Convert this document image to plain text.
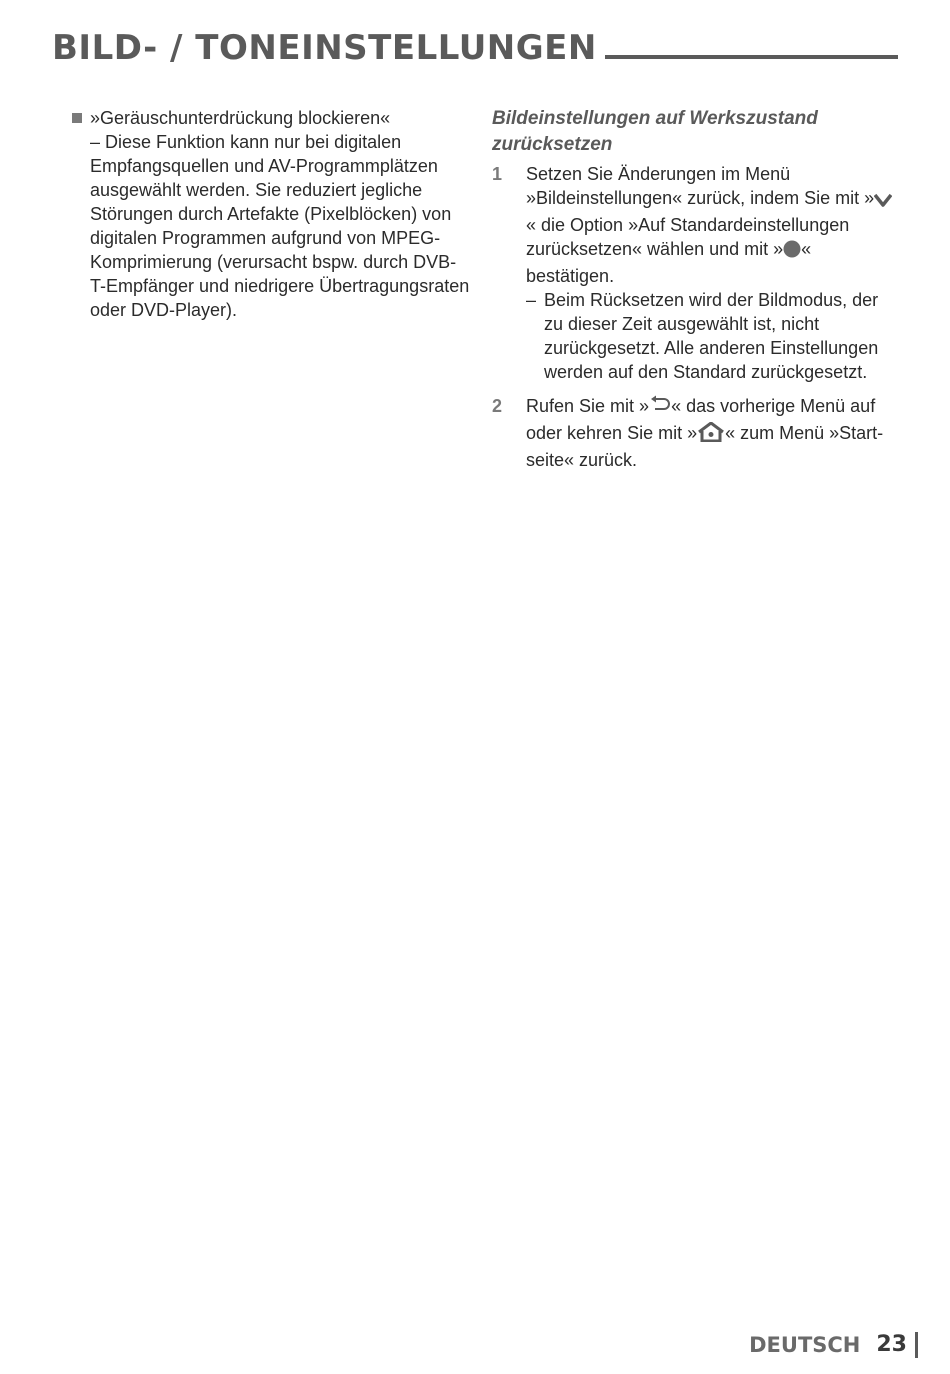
BILD- / TONEINSTELLUNGEN
»Geräuschunterdrückung blockieren«
– Diese Funktion kann nur bei digitalen Empfangsquellen und AV-Programmplätzen ausgewählt werden. Sie reduziert jegliche Störungen durch Artefakte (Pixelblöcken) von digitalen Programmen aufgrund von MPEG-Komprimierung (verursacht bspw. durch DVB-T-Empfänger und niedrigere Übertragungsraten oder DVD-Player).
Bildeinstellungen auf Werkszustand zurücksetzen
1 Setzen Sie Änderungen im Menü »Bildeinstellungen« zurück, indem Sie mit »« die Option »Auf Standardeinstellungen zurücksetzen« wählen und mit » « bestätigen.
– Beim Rücksetzen wird der Bildmodus, der zu dieser Zeit ausgewählt ist, nicht zurückgesetzt. Alle anderen Einstellungen werden auf den Standard zurückgesetzt.
2 Rufen Sie mit » « das vorherige Menü auf oder kehren Sie mit » « zum Menü »Start-seite« zurück.
DEUTSCH 23
